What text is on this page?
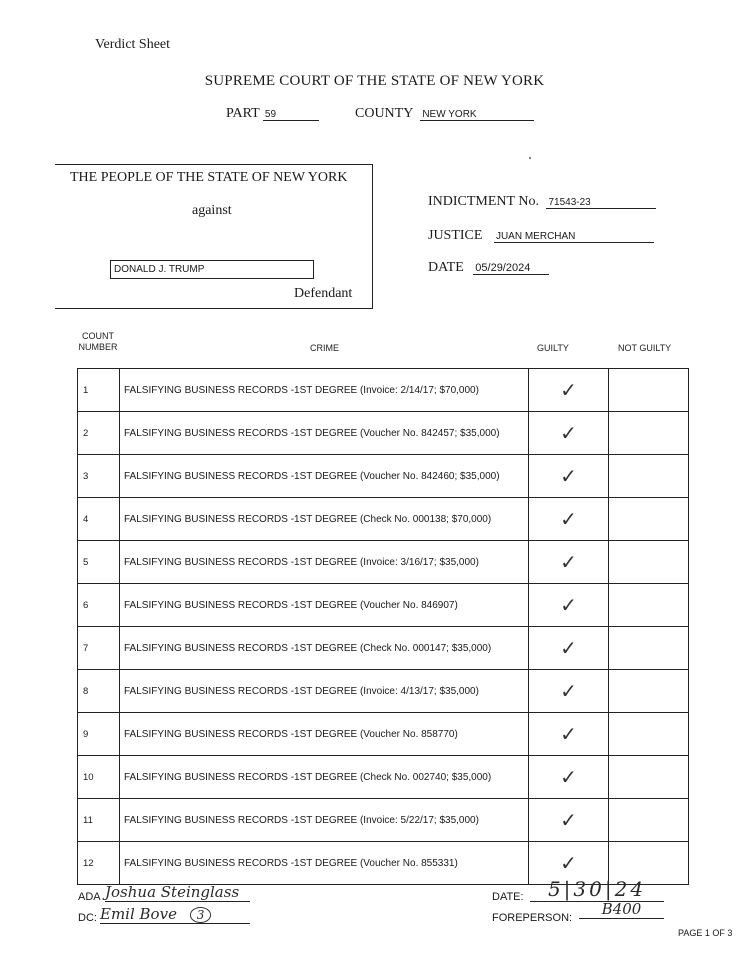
Verdict Sheet
SUPREME COURT OF THE STATE OF NEW YORK
PART 59	COUNTY NEW YORK
THE PEOPLE OF THE STATE OF NEW YORK
against
DONALD J. TRUMP
Defendant
INDICTMENT No. 71543-23
JUSTICE JUAN MERCHAN
DATE 05/29/2024
COUNT
NUMBER	CRIME	GUILTY	NOT GUILTY
1	FALSIFYING BUSINESS RECORDS -1ST DEGREE (Invoice: 2/14/17; $70,000)	✓	
2	FALSIFYING BUSINESS RECORDS -1ST DEGREE (Voucher No. 842457; $35,000)	✓	
3	FALSIFYING BUSINESS RECORDS -1ST DEGREE (Voucher No. 842460; $35,000)	✓	
4	FALSIFYING BUSINESS RECORDS -1ST DEGREE (Check No. 000138; $70,000)	✓	
5	FALSIFYING BUSINESS RECORDS -1ST DEGREE (Invoice: 3/16/17; $35,000)	✓	
6	FALSIFYING BUSINESS RECORDS -1ST DEGREE (Voucher No. 846907)	✓	
7	FALSIFYING BUSINESS RECORDS -1ST DEGREE (Check No. 000147; $35,000)	✓	
8	FALSIFYING BUSINESS RECORDS -1ST DEGREE (Invoice: 4/13/17; $35,000)	✓	
9	FALSIFYING BUSINESS RECORDS -1ST DEGREE (Voucher No. 858770)	✓	
10	FALSIFYING BUSINESS RECORDS -1ST DEGREE (Check No. 002740; $35,000)	✓	
11	FALSIFYING BUSINESS RECORDS -1ST DEGREE (Invoice: 5/22/17; $35,000)	✓	
12	FALSIFYING BUSINESS RECORDS -1ST DEGREE (Voucher No. 855331)	✓	
ADA Joshua Steinglass
DC: Emil Bove 3
DATE:	5|30|24
FOREPERSON:	B400
PAGE 1 OF 3
